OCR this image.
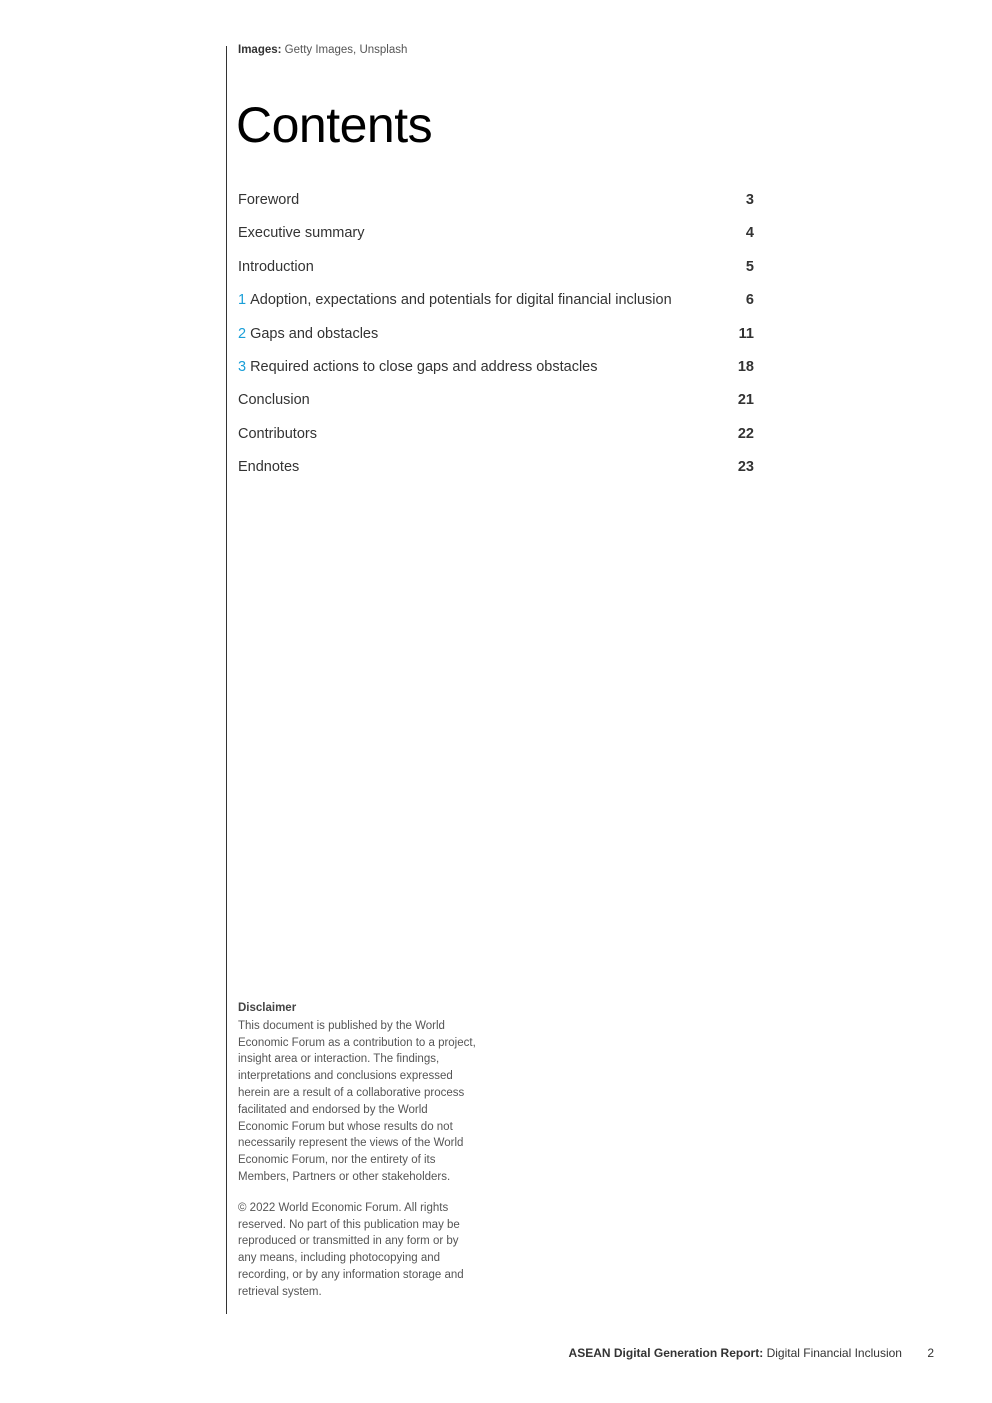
Images: Getty Images, Unsplash
Contents
Foreword	3
Executive summary	4
Introduction	5
1 Adoption, expectations and potentials for digital financial inclusion	6
2 Gaps and obstacles	11
3 Required actions to close gaps and address obstacles	18
Conclusion	21
Contributors	22
Endnotes	23

Disclaimer

This document is published by the World Economic Forum as a contribution to a project, insight area or interaction. The findings, interpretations and conclusions expressed herein are a result of a collaborative process facilitated and endorsed by the World Economic Forum but whose results do not necessarily represent the views of the World Economic Forum, nor the entirety of its Members, Partners or other stakeholders.

© 2022 World Economic Forum. All rights reserved. No part of this publication may be reproduced or transmitted in any form or by any means, including photocopying and recording, or by any information storage and retrieval system.

ASEAN Digital Generation Report: Digital Financial Inclusion 2
